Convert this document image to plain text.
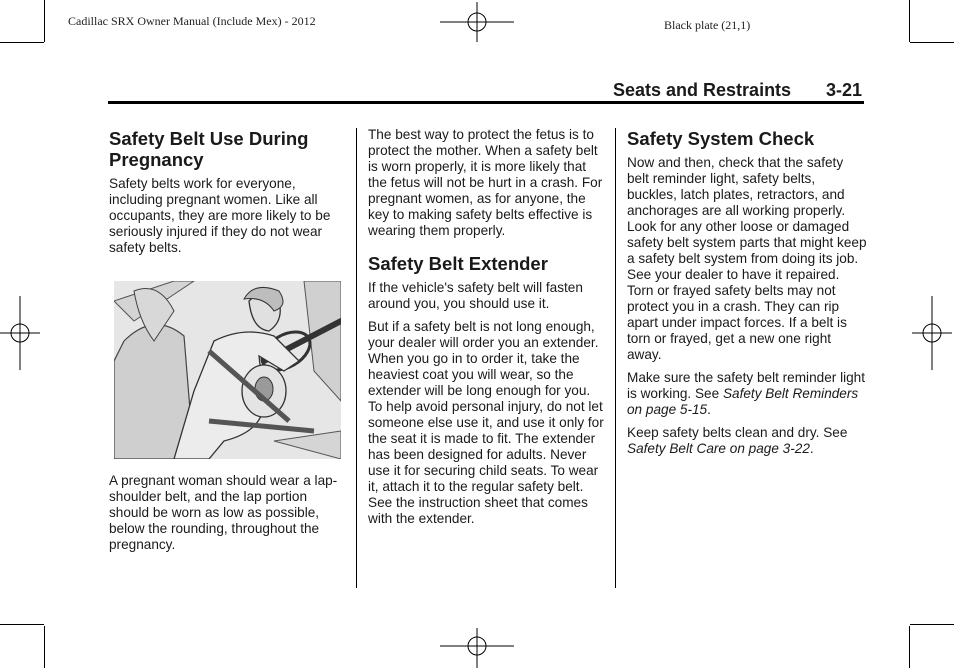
Cadillac SRX Owner Manual (Include Mex) - 2012	Black plate (21,1)
Seats and Restraints 3-21
Safety Belt Use During Pregnancy

Safety belts work for everyone, including pregnant women. Like all occupants, they are more likely to be seriously injured if they do not wear safety belts.

A pregnant woman should wear a lap-shoulder belt, and the lap portion should be worn as low as possible, below the rounding, throughout the pregnancy.

The best way to protect the fetus is to protect the mother. When a safety belt is worn properly, it is more likely that the fetus will not be hurt in a crash. For pregnant women, as for anyone, the key to making safety belts effective is wearing them properly.

Safety Belt Extender

If the vehicle's safety belt will fasten around you, you should use it.

But if a safety belt is not long enough, your dealer will order you an extender. When you go in to order it, take the heaviest coat you will wear, so the extender will be long enough for you. To help avoid personal injury, do not let someone else use it, and use it only for the seat it is made to fit. The extender has been designed for adults. Never use it for securing child seats. To wear it, attach it to the regular safety belt. See the instruction sheet that comes with the extender.

Safety System Check

Now and then, check that the safety belt reminder light, safety belts, buckles, latch plates, retractors, and anchorages are all working properly. Look for any other loose or damaged safety belt system parts that might keep a safety belt system from doing its job. See your dealer to have it repaired. Torn or frayed safety belts may not protect you in a crash. They can rip apart under impact forces. If a belt is torn or frayed, get a new one right away.

Make sure the safety belt reminder light is working. See Safety Belt Reminders on page 5-15.

Keep safety belts clean and dry. See Safety Belt Care on page 3-22.
